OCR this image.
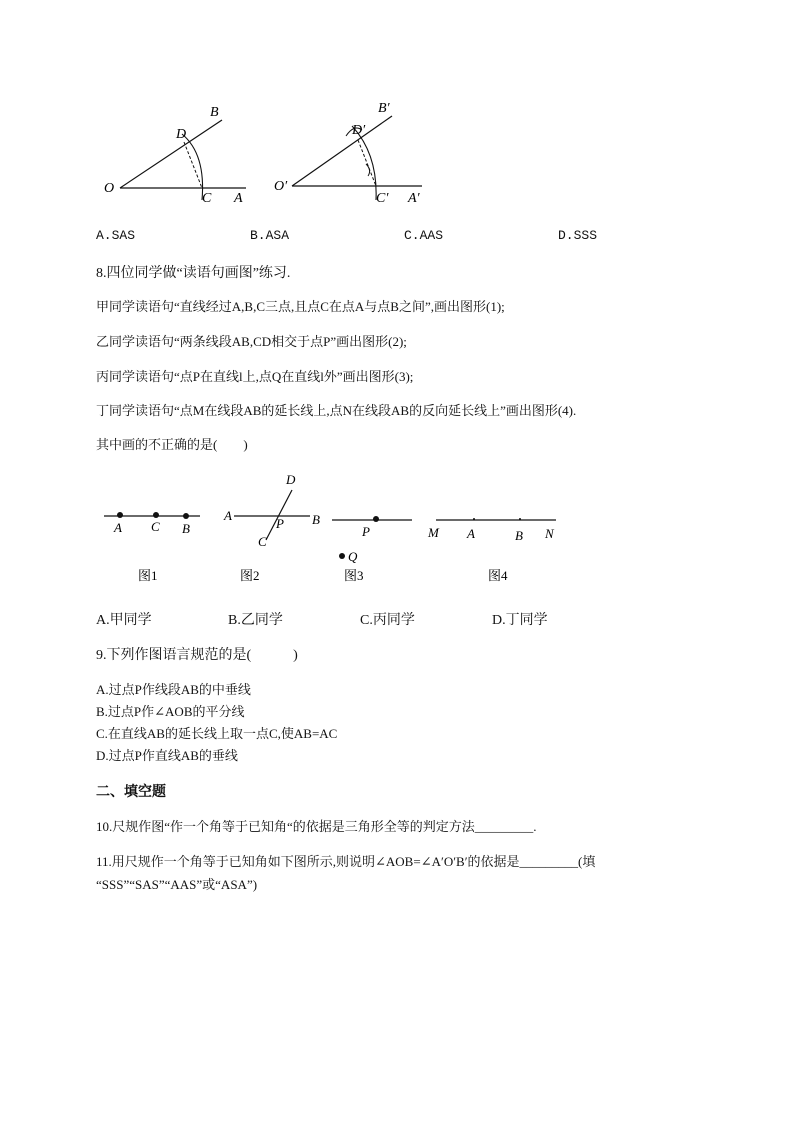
O
B
D
C A
O′
B′
D′
C′ A′
A.SAS	B.ASA	C.AAS	D.SSS
8.四位同学做“读语句画图”练习.
甲同学读语句“直线经过A,B,C三点,且点C在点A与点B之间”,画出图形(1);
乙同学读语句“两条线段AB,CD相交于点P”画出图形(2);
丙同学读语句“点P在直线l上,点Q在直线l外”画出图形(3);
丁同学读语句“点M在线段AB的延长线上,点N在线段AB的反向延长线上”画出图形(4).
其中画的不正确的是(　　)
A C B
图1
A	B
D
C
P
图2
P
Q
图3
M A	B N
图4
A.甲同学	B.乙同学	C.丙同学	D.丁同学
9.下列作图语言规范的是(　　　)
A.过点P作线段AB的中垂线
B.过点P作∠AOB的平分线
C.在直线AB的延长线上取一点C,使AB=AC
D.过点P作直线AB的垂线
二、填空题
10.尺规作图“作一个角等于已知角“的依据是三角形全等的判定方法_________.
11.用尺规作一个角等于已知角如下图所示,则说明∠AOB=∠A′O′B′的依据是_________(填
“SSS”“SAS”“AAS”或“ASA”)
